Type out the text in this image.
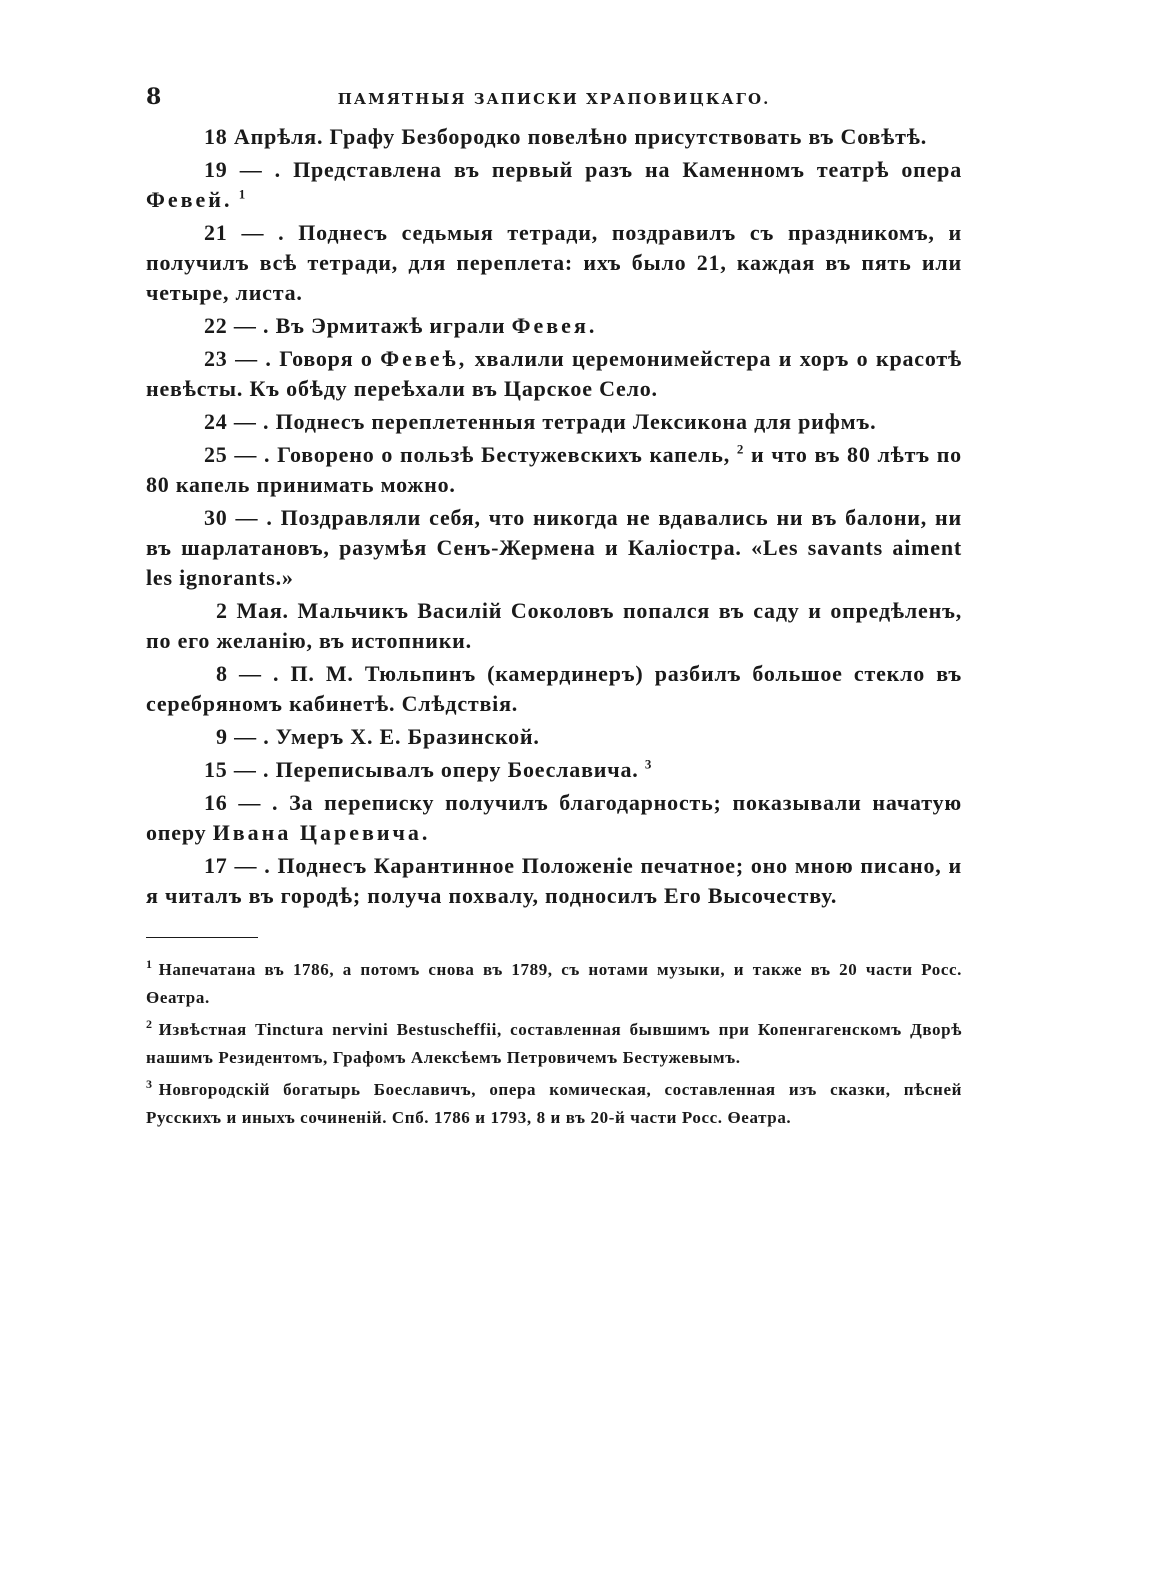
8	ПАМЯТНЫЯ ЗАПИСКИ ХРАПОВИЦКАГО.

18 Апрѣля. Графу Безбородко повелѣно присутствовать въ Совѣтѣ.

19 — . Представлена въ первый разъ на Каменномъ театрѣ опера Февей. $^1$

21 — . Поднесъ седьмыя тетради, поздравилъ съ праздникомъ, и получилъ всѣ тетради, для переплета: ихъ было 21, каждая въ пять или четыре, листа.

22 — . Въ Эрмитажѣ играли Февея.

23 — . Говоря о Февеѣ, хвалили церемонимейстера и хоръ о красотѣ невѣсты. Къ обѣду переѣхали въ Царское Село.

24 — . Поднесъ переплетенныя тетради Лексикона для рифмъ.

25 — . Говорено о пользѣ Бестужевскихъ капель, $^2$ и что въ 80 лѣтъ по 80 капель принимать можно.

30 — . Поздравляли себя, что никогда не вдавались ни въ балони, ни въ шарлатановъ, разумѣя Сенъ-Жермена и Каліостра. «Les savants aiment les ignorants.»

2 Мая. Мальчикъ Василій Соколовъ попался въ саду и опредѣленъ, по его желанію, въ истопники.

8 — . П. М. Тюльпинъ (камердинеръ) разбилъ большое стекло въ серебряномъ кабинетѣ. Слѣдствія.

9 — . Умеръ Х. Е. Бразинской.

15 — . Переписывалъ оперу Боеславича. $^3$

16 — . За переписку получилъ благодарность; показывали начатую оперу Ивана Царевича.

17 — . Поднесъ Карантинное Положеніе печатное; оно мною писано, и я читалъ въ городѣ; получа похвалу, подносилъ Его Высочеству.

$^1$ Напечатана въ 1786, а потомъ снова въ 1789, съ нотами музыки, и также въ 20 части Росс. Өеатра.

$^2$ Извѣстная Tinctura nervini Bestuscheffii, составленная бывшимъ при Копенгагенскомъ Дворѣ нашимъ Резидентомъ, Графомъ Алексѣемъ Петровичемъ Бестужевымъ.

$^3$ Новгородскій богатырь Боеславичъ, опера комическая, составленная изъ сказки, пѣсней Русскихъ и иныхъ сочиненій. Спб. 1786 и 1793, 8 и въ 20-й части Росс. Өеатра.
